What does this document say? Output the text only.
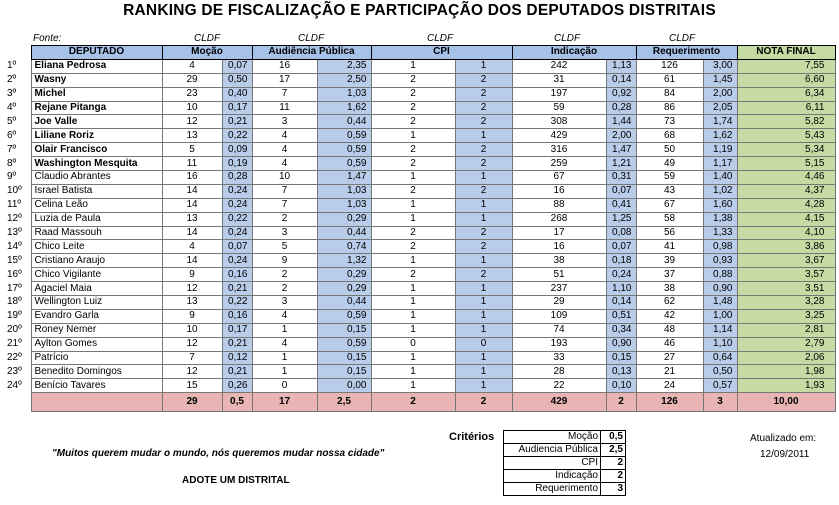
RANKING DE FISCALIZAÇÃO E PARTICIPAÇÃO DOS DEPUTADOS DISTRITAIS
Fonte:	CLDF	CLDF	CLDF	CLDF	CLDF
	DEPUTADO	Moção		Audiência Pública		CPI		Indicação		Requerimento		NOTA FINAL
1º	Eliana Pedrosa	4	0,07	16	2,35	1	1	242	1,13	126	3,00	7,55
2º	Wasny	29	0,50	17	2,50	2	2	31	0,14	61	1,45	6,60
3º	Michel	23	0,40	7	1,03	2	2	197	0,92	84	2,00	6,34
4º	Rejane Pitanga	10	0,17	11	1,62	2	2	59	0,28	86	2,05	6,11
5º	Joe Valle	12	0,21	3	0,44	2	2	308	1,44	73	1,74	5,82
6º	Liliane Roriz	13	0,22	4	0,59	1	1	429	2,00	68	1,62	5,43
7º	Olair Francisco	5	0,09	4	0,59	2	2	316	1,47	50	1,19	5,34
8º	Washington Mesquita	11	0,19	4	0,59	2	2	259	1,21	49	1,17	5,15
9º	Claudio Abrantes	16	0,28	10	1,47	1	1	67	0,31	59	1,40	4,46
10º	Israel Batista	14	0,24	7	1,03	2	2	16	0,07	43	1,02	4,37
11º	Celina Leão	14	0,24	7	1,03	1	1	88	0,41	67	1,60	4,28
12º	Luzia de Paula	13	0,22	2	0,29	1	1	268	1,25	58	1,38	4,15
13º	Raad Massouh	14	0,24	3	0,44	2	2	17	0,08	56	1,33	4,10
14º	Chico Leite	4	0,07	5	0,74	2	2	16	0,07	41	0,98	3,86
15º	Cristiano Araujo	14	0,24	9	1,32	1	1	38	0,18	39	0,93	3,67
16º	Chico Vigilante	9	0,16	2	0,29	2	2	51	0,24	37	0,88	3,57
17º	Agaciel Maia	12	0,21	2	0,29	1	1	237	1,10	38	0,90	3,51
18º	Wellington Luiz	13	0,22	3	0,44	1	1	29	0,14	62	1,48	3,28
19º	Evandro Garla	9	0,16	4	0,59	1	1	109	0,51	42	1,00	3,25
20º	Roney Nemer	10	0,17	1	0,15	1	1	74	0,34	48	1,14	2,81
21º	Aylton Gomes	12	0,21	4	0,59	0	0	193	0,90	46	1,10	2,79
22º	Patrício	7	0,12	1	0,15	1	1	33	0,15	27	0,64	2,06
23º	Benedito Domingos	12	0,21	1	0,15	1	1	28	0,13	21	0,50	1,98
24º	Benício Tavares	15	0,26	0	0,00	1	1	22	0,10	24	0,57	1,93
		29	0,5	17	2,5	2	2	429	2	126	3	10,00
Critérios	Moção	0,5
Audiencia Pública	2,5
CPI	2
Indicação	2
Requerimento	3
"Muitos querem mudar o mundo, nós queremos mudar nossa cidade"
ADOTE UM DISTRITAL
Atualizado em:
12/09/2011
